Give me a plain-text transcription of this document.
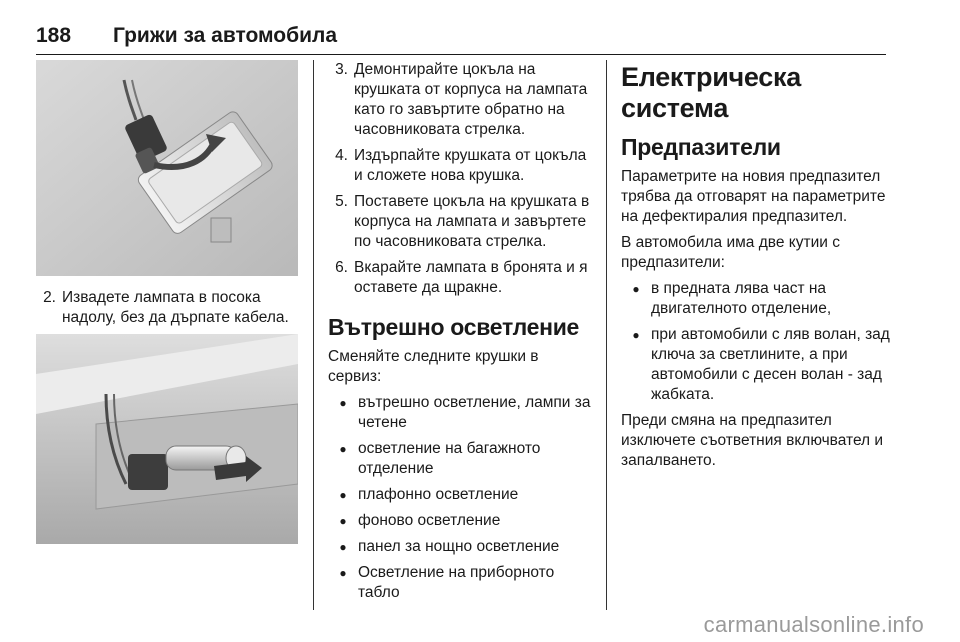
188 Грижи за автомобила
2. Извадете лампата в посока надолу, без да дърпате кабела.
3. Демонтирайте цокъла на крушката от корпуса на лампата като го завъртите обратно на часовниковата стрелка.
4. Издърпайте крушката от цокъла и сложете нова крушка.
5. Поставете цокъла на крушката в корпуса на лампата и завъртете по часовниковата стрелка.
6. Вкарайте лампата в бронята и я оставете да щракне.
Вътрешно осветление

Сменяйте следните крушки в сервиз:

● вътрешно осветление, лампи за четене
● осветление на багажното отделение
● плафонно осветление
● фоново осветление
● панел за нощно осветление
● Осветление на приборното табло
Електрическа система
Предпазители

Параметрите на новия предпазител трябва да отговарят на параметрите на дефектиралия предпазител.

В автомобила има две кутии с предпазители:

● в предната лява част на двигателното отделение,
● при автомобили с ляв волан, зад ключа за светлините, а при автомобили с десен волан - зад жабката.

Преди смяна на предпазител изключете съответния включвател и запалването.

carmanualsonline.info
